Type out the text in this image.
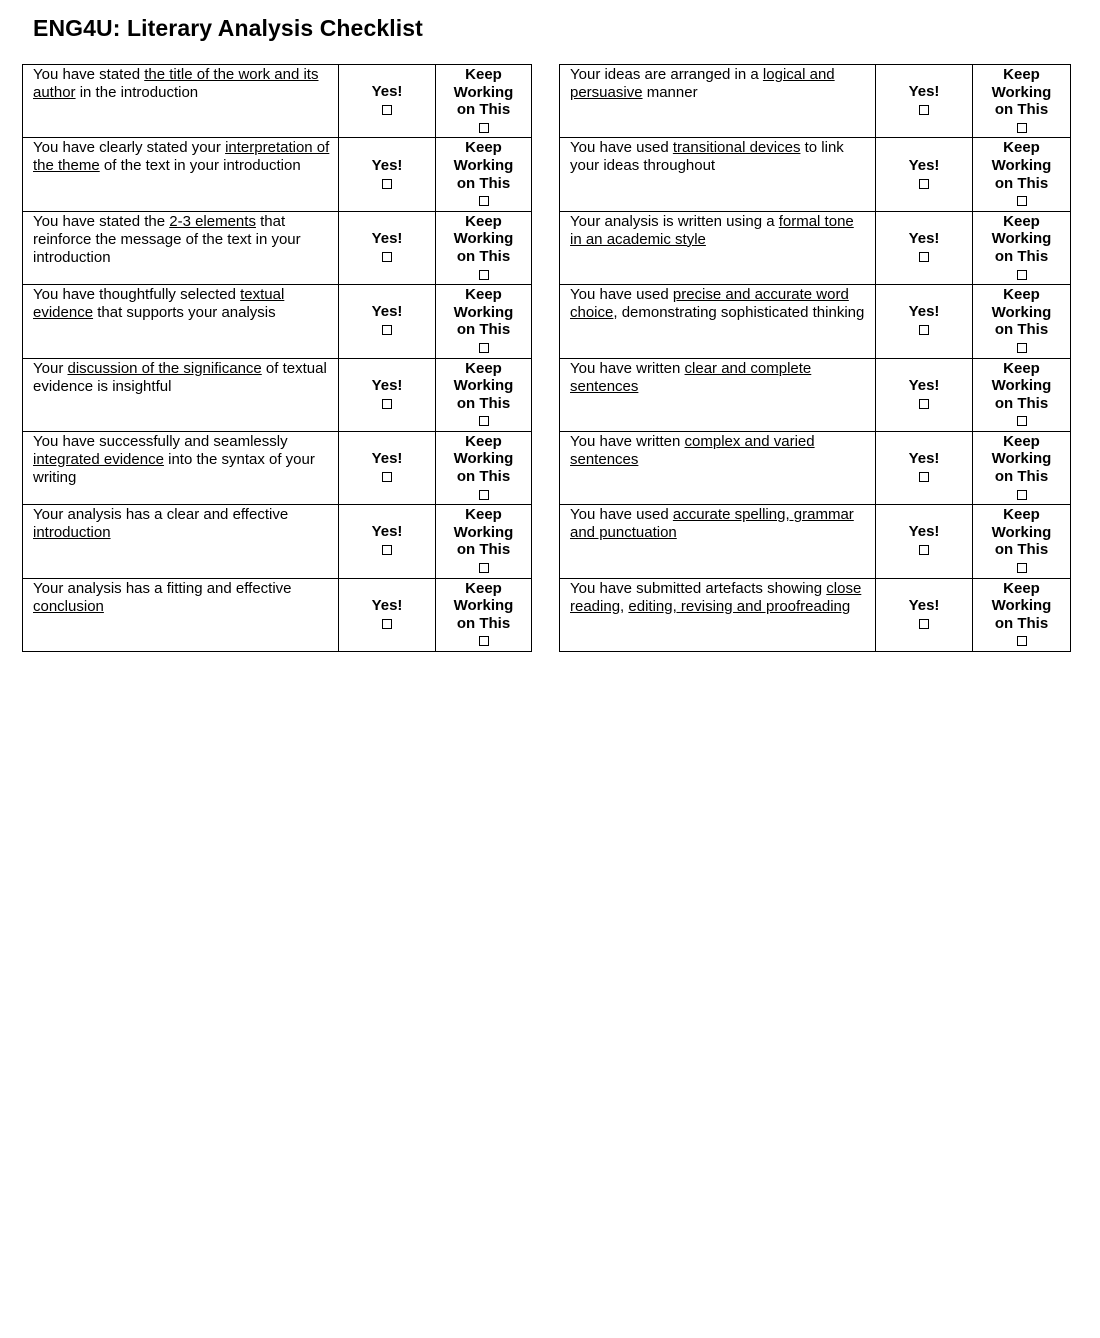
ENG4U: Literary Analysis Checklist
You have stated the title of the work and its author in the introduction	Yes!	Keep
Working
on This

You have clearly stated your interpretation of the theme of the text in your introduction	Yes!	Keep
Working
on This

You have stated the 2-3 elements that reinforce the message of the text in your introduction	Yes!	Keep
Working
on This

You have thoughtfully selected textual evidence that supports your analysis	Yes!	Keep
Working
on This

Your discussion of the significance of textual evidence is insightful	Yes!	Keep
Working
on This

You have successfully and seamlessly integrated evidence into the syntax of your writing	Yes!	Keep
Working
on This

Your analysis has a clear and effective introduction	Yes!	Keep
Working
on This

Your analysis has a fitting and effective conclusion	Yes!	Keep
Working
on This
Your ideas are arranged in a logical and persuasive manner	Yes!	Keep
Working
on This

You have used transitional devices to link your ideas throughout	Yes!	Keep
Working
on This

Your analysis is written using a formal tone in an academic style	Yes!	Keep
Working
on This

You have used precise and accurate word choice, demonstrating sophisticated thinking	Yes!	Keep
Working
on This

You have written clear and complete sentences	Yes!	Keep
Working
on This

You have written complex and varied sentences	Yes!	Keep
Working
on This

You have used accurate spelling, grammar and punctuation	Yes!	Keep
Working
on This

You have submitted artefacts showing close reading, editing, revising and proofreading	Yes!	Keep
Working
on This
